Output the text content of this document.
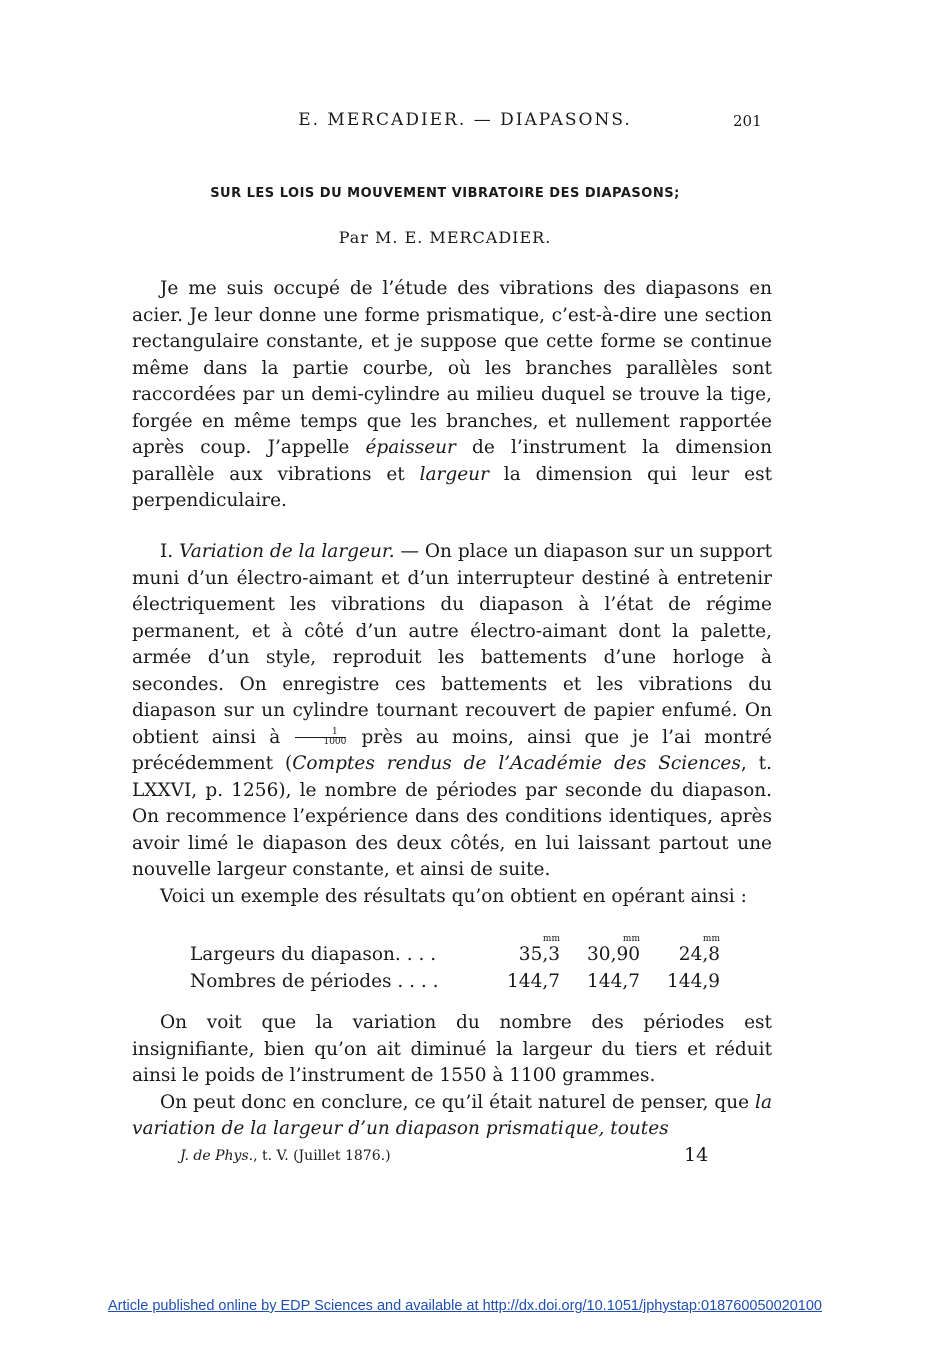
E. MERCADIER. — DIAPASONS.	201
SUR LES LOIS DU MOUVEMENT VIBRATOIRE DES DIAPASONS;
Par M. E. MERCADIER.

Je me suis occupé de l’étude des vibrations des diapasons en acier. Je leur donne une forme prismatique, c’est-à-dire une section rectangulaire constante, et je suppose que cette forme se continue même dans la partie courbe, où les branches parallèles sont raccordées par un demi-cylindre au milieu duquel se trouve la tige, forgée en même temps que les branches, et nullement rapportée après coup. J’appelle épaisseur de l’instrument la dimension parallèle aux vibrations et largeur la dimension qui leur est perpendiculaire.

I. Variation de la largeur. — On place un diapason sur un support muni d’un électro-aimant et d’un interrupteur destiné à entretenir électriquement les vibrations du diapason à l’état de régime permanent, et à côté d’un autre électro-aimant dont la palette, armée d’un style, reproduit les battements d’une horloge à secondes. On enregistre ces battements et les vibrations du diapason sur un cylindre tournant recouvert de papier enfumé. On obtient ainsi à $\frac{1}{1000}$ près au moins, ainsi que je l’ai montré précédemment (Comptes rendus de l’Académie des Sciences, t. LXXVI, p. 1256), le nombre de périodes par seconde du diapason. On recommence l’expérience dans des conditions identiques, après avoir limé le diapason des deux côtés, en lui laissant partout une nouvelle largeur constante, et ainsi de suite.

Voici un exemple des résultats qu’on obtient en opérant ainsi :

mm	mm	mm
Largeurs du diapason. . . .	35,3	30,90	24,8
Nombres de périodes . . . .	144,7	144,7	144,9

On voit que la variation du nombre des périodes est insignifiante, bien qu’on ait diminué la largeur du tiers et réduit ainsi le poids de l’instrument de 1550 à 1100 grammes.

On peut donc en conclure, ce qu’il était naturel de penser, que la variation de la largeur d’un diapason prismatique, toutes

J. de Phys., t. V. (Juillet 1876.)	14
Article published online by EDP Sciences and available at http://dx.doi.org/10.1051/jphystap:018760050020100
